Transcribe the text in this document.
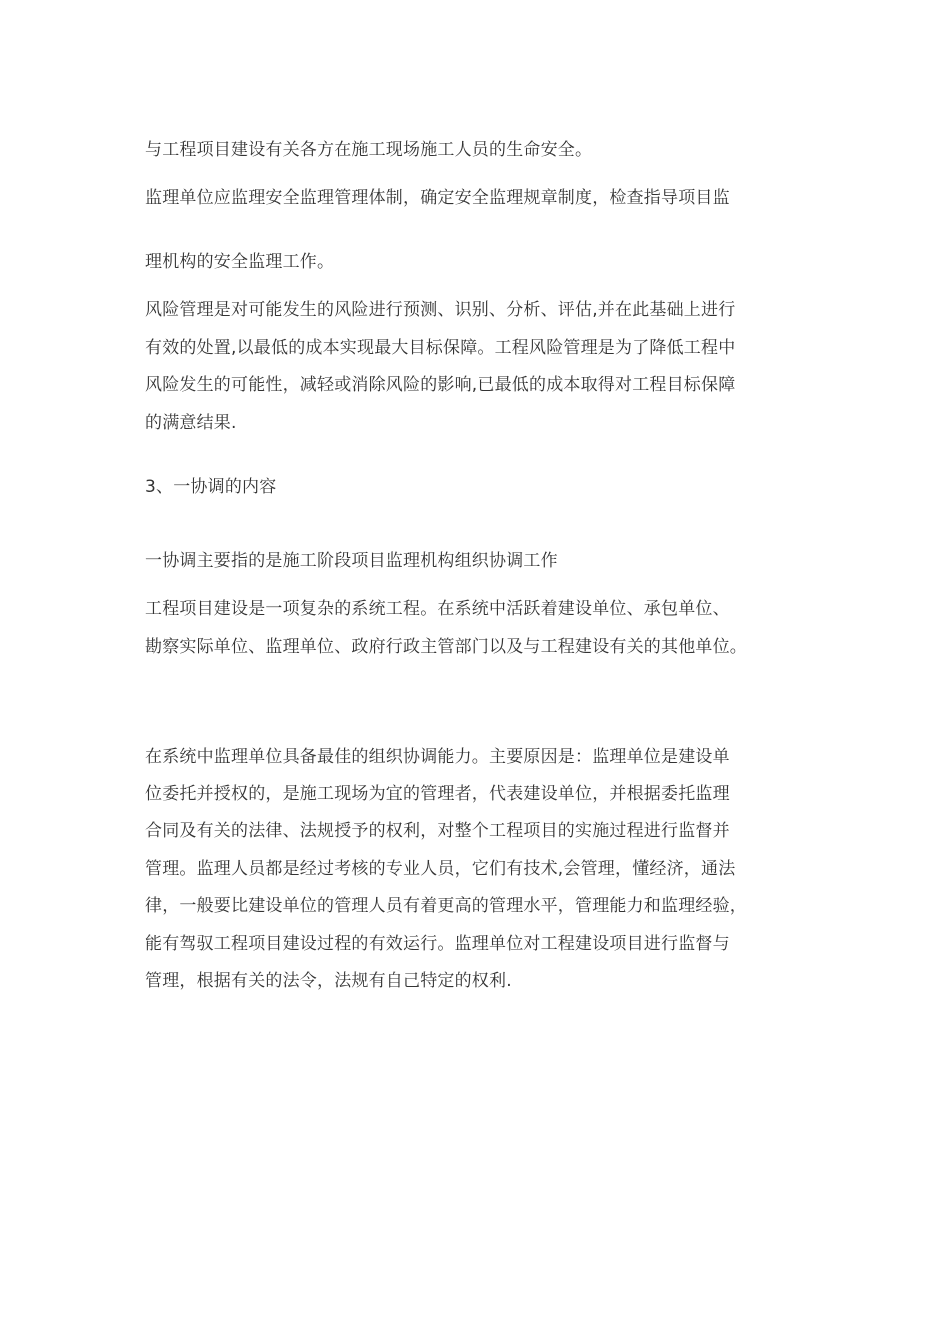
与工程项目建设有关各方在施工现场施工人员的生命安全。

监理单位应监理安全监理管理体制，确定安全监理规章制度，检查指导项目监

理机构的安全监理工作。

风险管理是对可能发生的风险进行预测、识别、分析、评估,并在此基础上进行

有效的处置,以最低的成本实现最大目标保障。工程风险管理是为了降低工程中

风险发生的可能性，减轻或消除风险的影响,已最低的成本取得对工程目标保障

的满意结果.

3、一协调的内容

一协调主要指的是施工阶段项目监理机构组织协调工作

工程项目建设是一项复杂的系统工程。在系统中活跃着建设单位、承包单位、

勘察实际单位、监理单位、政府行政主管部门以及与工程建设有关的其他单位。

在系统中监理单位具备最佳的组织协调能力。主要原因是：监理单位是建设单

位委托并授权的，是施工现场为宜的管理者，代表建设单位，并根据委托监理

合同及有关的法律、法规授予的权利，对整个工程项目的实施过程进行监督并

管理。监理人员都是经过考核的专业人员，它们有技术,会管理，懂经济，通法

律，一般要比建设单位的管理人员有着更高的管理水平，管理能力和监理经验，

能有驾驭工程项目建设过程的有效运行。监理单位对工程建设项目进行监督与

管理，根据有关的法令，法规有自己特定的权利.
